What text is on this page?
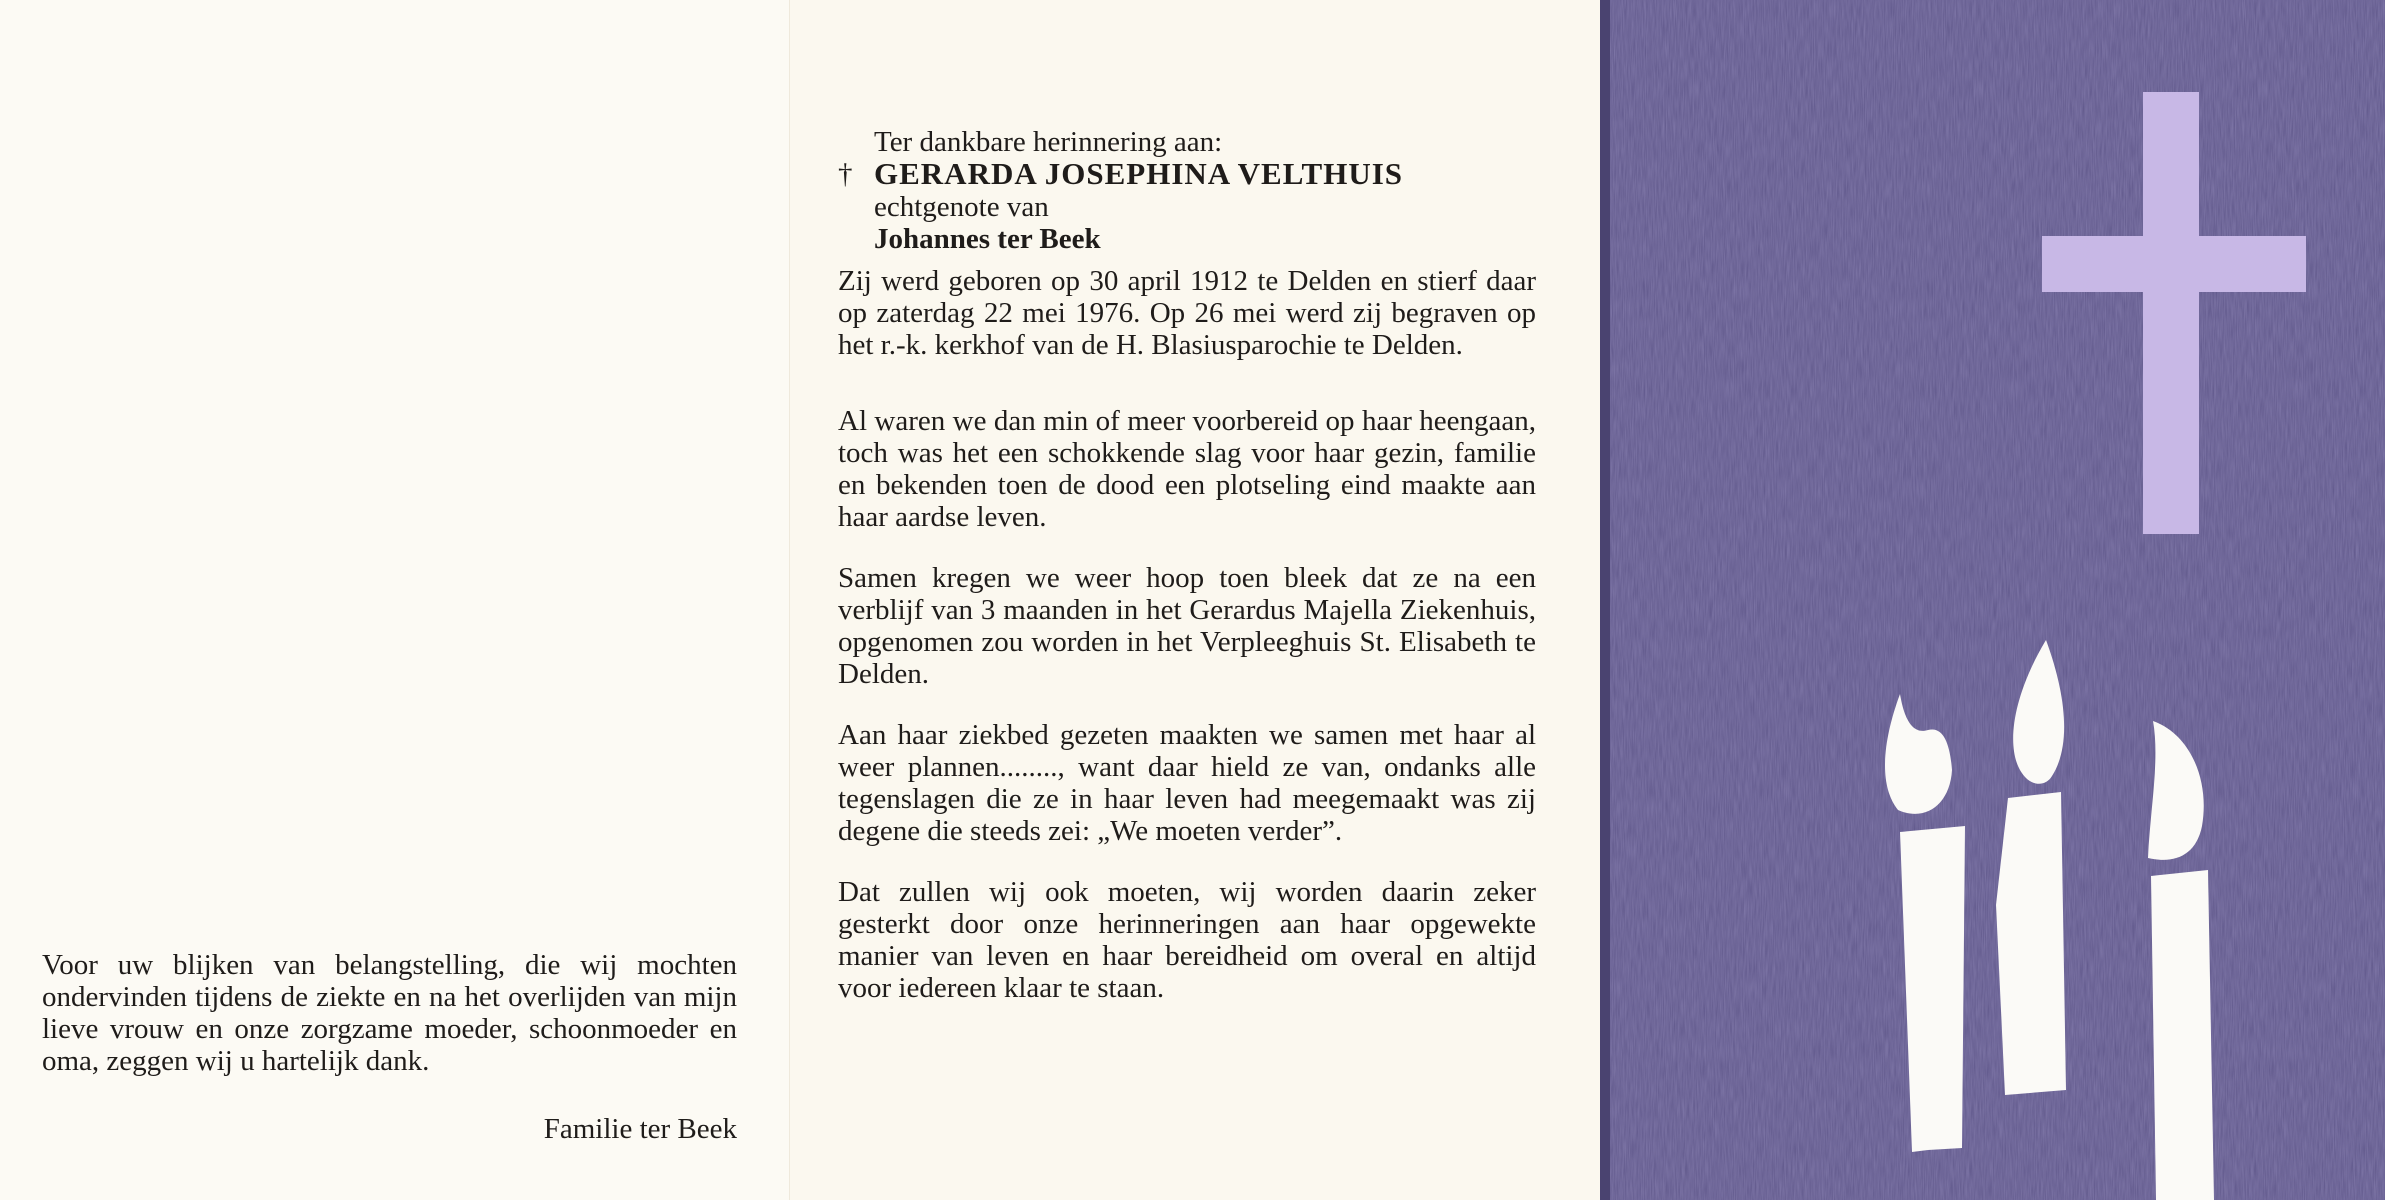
Voor uw blijken van belangstelling, die wij mochten ondervinden tijdens de ziekte en na het overlijden van mijn lieve vrouw en onze zorgzame moeder, schoonmoeder en oma, zeggen wij u hartelijk dank.

Familie ter Beek
Ter dankbare herinnering aan:
† GERARDA JOSEPHINA VELTHUIS
echtgenote van
Johannes ter Beek

Zij werd geboren op 30 april 1912 te Delden en stierf daar op zaterdag 22 mei 1976. Op 26 mei werd zij begraven op het r.-k. kerkhof van de H. Blasiusparochie te Delden.

Al waren we dan min of meer voorbereid op haar heengaan, toch was het een schokkende slag voor haar gezin, familie en bekenden toen de dood een plotseling eind maakte aan haar aardse leven.

Samen kregen we weer hoop toen bleek dat ze na een verblijf van 3 maanden in het Gerardus Majella Ziekenhuis, opgenomen zou worden in het Verpleeghuis St. Elisabeth te Delden.

Aan haar ziekbed gezeten maakten we samen met haar al weer plannen........, want daar hield ze van, ondanks alle tegenslagen die ze in haar leven had meegemaakt was zij degene die steeds zei: „We moeten verder”.

Dat zullen wij ook moeten, wij worden daarin zeker gesterkt door onze herinneringen aan haar opgewekte manier van leven en haar bereidheid om overal en altijd voor iedereen klaar te staan.
